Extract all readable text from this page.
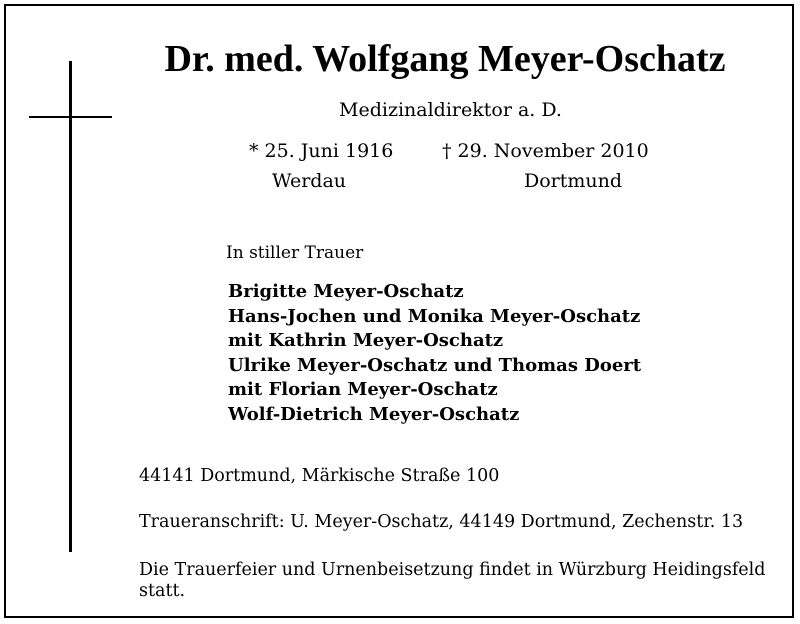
Dr. med. Wolfgang Meyer-Oschatz
Medizinaldirektor a. D.
* 25. Juni 1916
Werdau
† 29. November 2010
Dortmund
In stiller Trauer
Brigitte Meyer-Oschatz
Hans-Jochen und Monika Meyer-Oschatz
mit Kathrin Meyer-Oschatz
Ulrike Meyer-Oschatz und Thomas Doert
mit Florian Meyer-Oschatz
Wolf-Dietrich Meyer-Oschatz
44141 Dortmund, Märkische Straße 100
Traueranschrift: U. Meyer-Oschatz, 44149 Dortmund, Zechenstr. 13
Die Trauerfeier und Urnenbeisetzung findet in Würzburg Heidingsfeld
statt.
